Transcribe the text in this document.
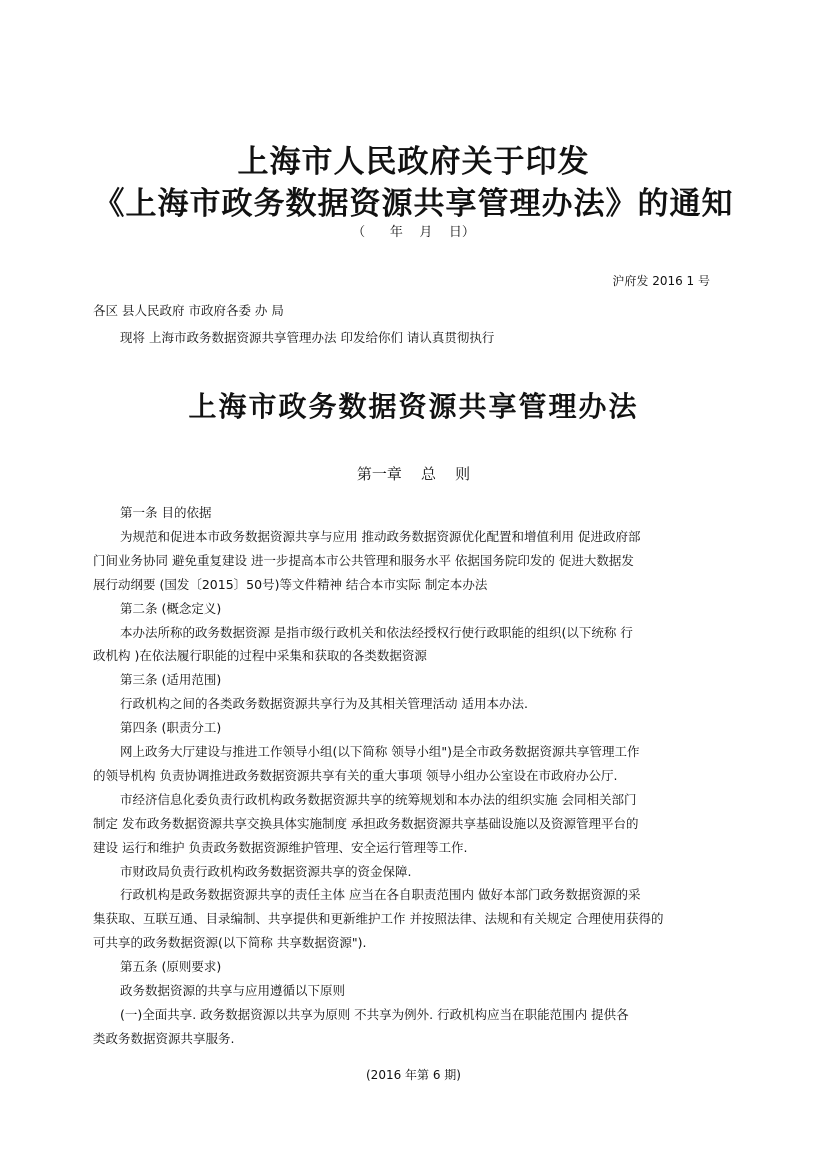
上海市人民政府关于印发
《上海市政务数据资源共享管理办法》的通知
（      年    月    日）
沪府发 2016 1 号
各区 县人民政府 市政府各委 办 局
现将 上海市政务数据资源共享管理办法 印发给你们 请认真贯彻执行
上海市政务数据资源共享管理办法
第一章    总    则
第一条 目的依据
为规范和促进本市政务数据资源共享与应用 推动政务数据资源优化配置和增值利用 促进政府部
门间业务协同 避免重复建设 进一步提高本市公共管理和服务水平 依据国务院印发的 促进大数据发
展行动纲要 (国发〔2015〕50号)等文件精神 结合本市实际 制定本办法
第二条 (概念定义)
本办法所称的政务数据资源 是指市级行政机关和依法经授权行使行政职能的组织(以下统称 行
政机构 )在依法履行职能的过程中采集和获取的各类数据资源
第三条 (适用范围)
行政机构之间的各类政务数据资源共享行为及其相关管理活动 适用本办法.
第四条 (职责分工)
网上政务大厅建设与推进工作领导小组(以下简称 领导小组")是全市政务数据资源共享管理工作
的领导机构 负责协调推进政务数据资源共享有关的重大事项 领导小组办公室设在市政府办公厅.
市经济信息化委负责行政机构政务数据资源共享的统筹规划和本办法的组织实施 会同相关部门
制定 发布政务数据资源共享交换具体实施制度 承担政务数据资源共享基础设施以及资源管理平台的
建设 运行和维护 负责政务数据资源维护管理、安全运行管理等工作.
市财政局负责行政机构政务数据资源共享的资金保障.
行政机构是政务数据资源共享的责任主体 应当在各自职责范围内 做好本部门政务数据资源的采
集获取、互联互通、目录编制、共享提供和更新维护工作 并按照法律、法规和有关规定 合理使用获得的
可共享的政务数据资源(以下简称 共享数据资源").
第五条 (原则要求)
政务数据资源的共享与应用遵循以下原则
(一)全面共享. 政务数据资源以共享为原则 不共享为例外. 行政机构应当在职能范围内 提供各
类政务数据资源共享服务.
(2016 年第 6 期)
